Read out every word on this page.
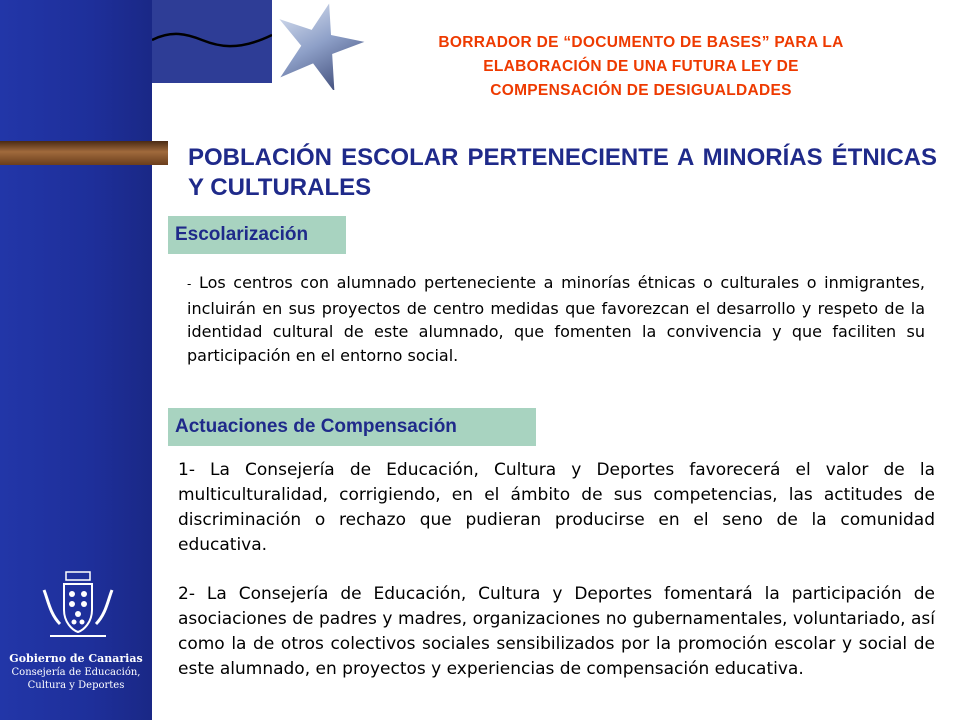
BORRADOR DE “DOCUMENTO DE BASES” PARA LA
ELABORACIÓN DE UNA FUTURA LEY DE
COMPENSACIÓN DE DESIGUALDADES
POBLACIÓN ESCOLAR PERTENECIENTE A MINORÍAS ÉTNICAS Y CULTURALES
Escolarización
- Los centros con alumnado perteneciente a minorías étnicas o culturales o inmigrantes, incluirán en sus proyectos de centro medidas que favorezcan el desarrollo y respeto de la identidad cultural de este alumnado, que fomenten la convivencia y que faciliten su participación en el entorno social.
Actuaciones de Compensación
1- La Consejería de Educación, Cultura y Deportes favorecerá el valor de la multiculturalidad, corrigiendo, en el ámbito de sus competencias, las actitudes de discriminación o rechazo que pudieran producirse en el seno de la comunidad educativa.
2- La Consejería de Educación, Cultura y Deportes fomentará la participación de asociaciones de padres y madres, organizaciones no gubernamentales, voluntariado, así como la de otros colectivos sociales sensibilizados por la promoción escolar y social de este alumnado, en proyectos y experiencias de compensación educativa.
Gobierno de Canarias
Consejería de Educación,
Cultura y Deportes
